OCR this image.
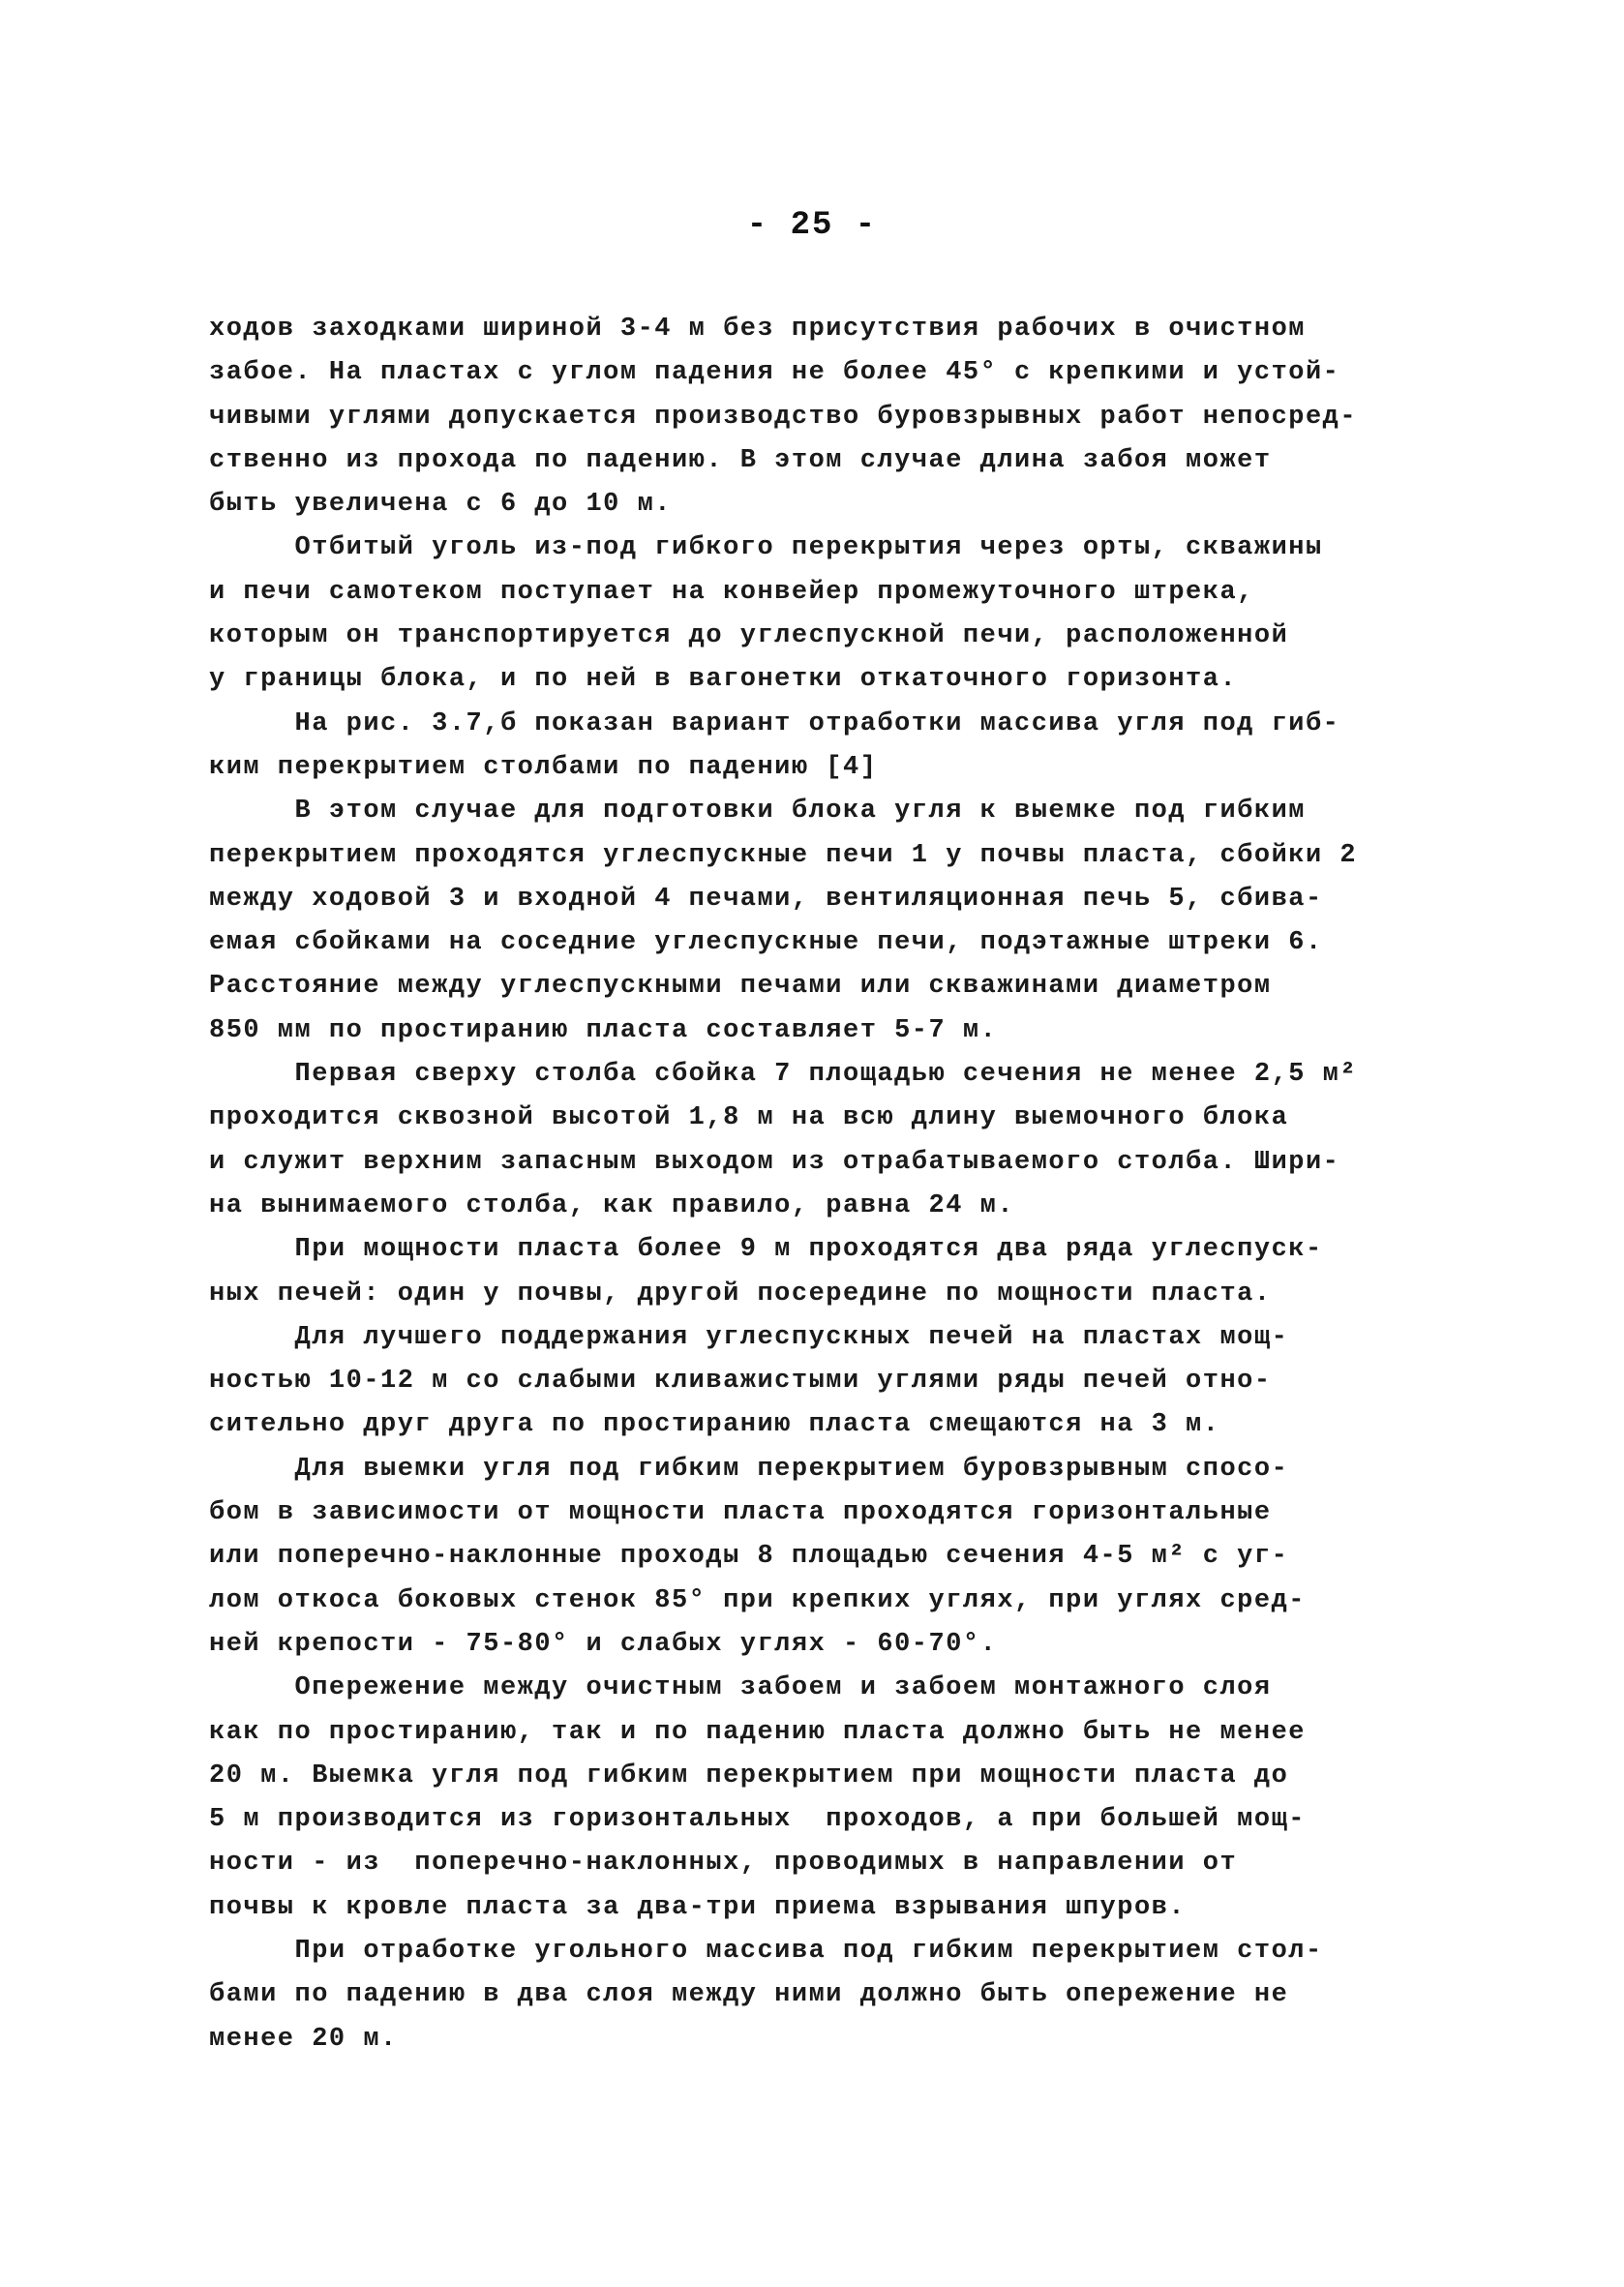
- 25 -
ходов заходками шириной 3-4 м без присутствия рабочих в очистном
забое. На пластах с углом падения не более 45° с крепкими и устой-
чивыми углями допускается производство буровзрывных работ непосред-
ственно из прохода по падению. В этом случае длина забоя может
быть увеличена с 6 до 10 м.
Отбитый уголь из-под гибкого перекрытия через орты, скважины
и печи самотеком поступает на конвейер промежуточного штрека,
которым он транспортируется до углеспускной печи, расположенной
у границы блока, и по ней в вагонетки откаточного горизонта.
На рис. 3.7,б показан вариант отработки массива угля под гиб-
ким перекрытием столбами по падению [4]
В этом случае для подготовки блока угля к выемке под гибким
перекрытием проходятся углеспускные печи 1 у почвы пласта, сбойки 2
между ходовой 3 и входной 4 печами, вентиляционная печь 5, сбива-
емая сбойками на соседние углеспускные печи, подэтажные штреки 6.
Расстояние между углеспускными печами или скважинами диаметром
850 мм по простиранию пласта составляет 5-7 м.
Первая сверху столба сбойка 7 площадью сечения не менее 2,5 м²
проходится сквозной высотой 1,8 м на всю длину выемочного блока
и служит верхним запасным выходом из отрабатываемого столба. Шири-
на вынимаемого столба, как правило, равна 24 м.
При мощности пласта более 9 м проходятся два ряда углеспуск-
ных печей: один у почвы, другой посередине по мощности пласта.
Для лучшего поддержания углеспускных печей на пластах мощ-
ностью 10-12 м со слабыми кливажистыми углями ряды печей отно-
сительно друг друга по простиранию пласта смещаются на 3 м.
Для выемки угля под гибким перекрытием буровзрывным спосо-
бом в зависимости от мощности пласта проходятся горизонтальные
или поперечно-наклонные проходы 8 площадью сечения 4-5 м² с уг-
лом откоса боковых стенок 85° при крепких углях, при углях сред-
ней крепости - 75-80° и слабых углях - 60-70°.
Опережение между очистным забоем и забоем монтажного слоя
как по простиранию, так и по падению пласта должно быть не менее
20 м. Выемка угля под гибким перекрытием при мощности пласта до
5 м производится из горизонтальных  проходов, а при большей мощ-
ности - из  поперечно-наклонных, проводимых в направлении от
почвы к кровле пласта за два-три приема взрывания шпуров.
При отработке угольного массива под гибким перекрытием стол-
бами по падению в два слоя между ними должно быть опережение не
менее 20 м.
